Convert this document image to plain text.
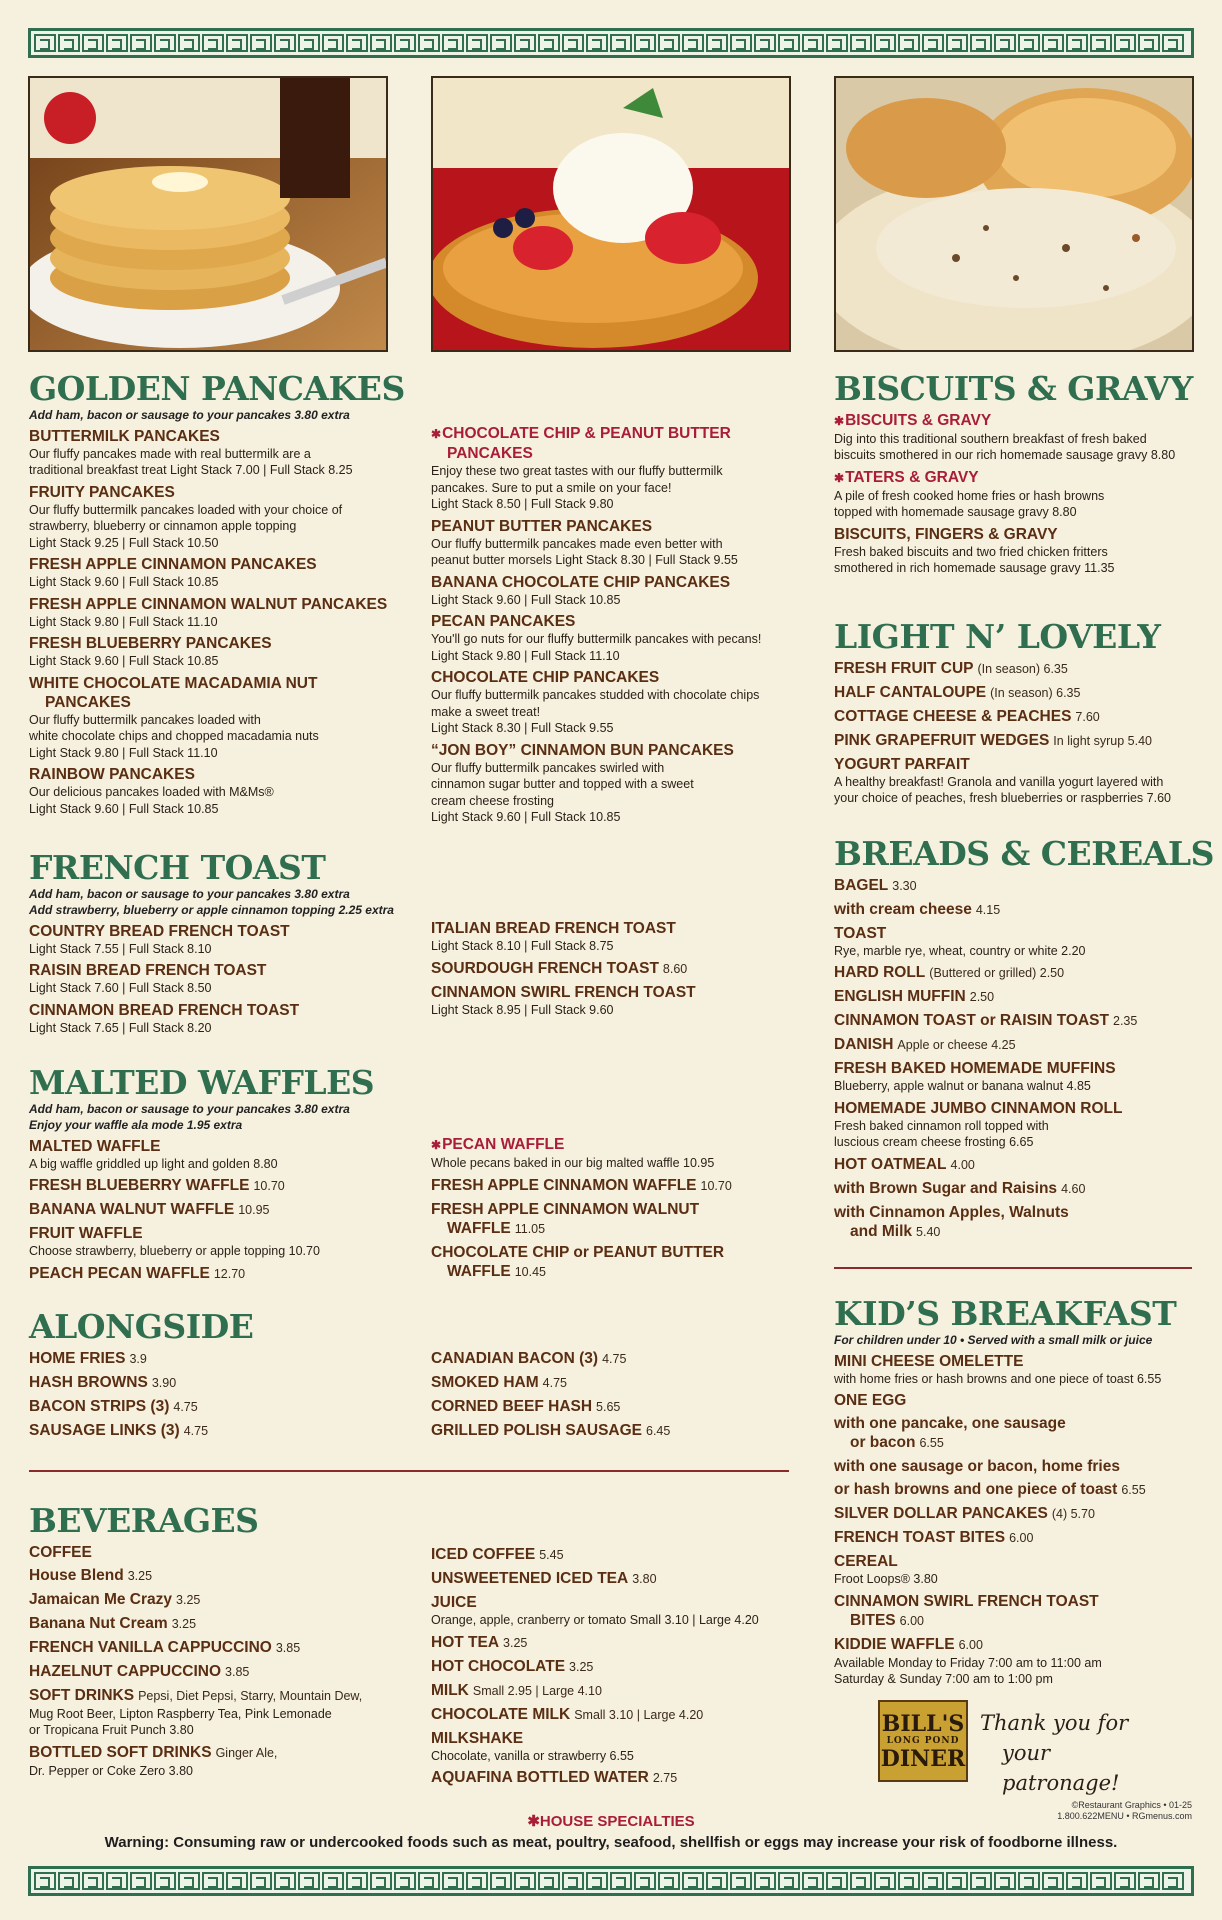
GOLDEN PANCAKES
Add ham, bacon or sausage to your pancakes 3.80 extra
BUTTERMILK PANCAKES
Our fluffy pancakes made with real buttermilk are a
traditional breakfast treat Light Stack 7.00 | Full Stack 8.25
FRUITY PANCAKES
Our fluffy buttermilk pancakes loaded with your choice of
strawberry, blueberry or cinnamon apple topping
Light Stack 9.25 | Full Stack 10.50
FRESH APPLE CINNAMON PANCAKES
Light Stack 9.60 | Full Stack 10.85
FRESH APPLE CINNAMON WALNUT PANCAKES
Light Stack 9.80 | Full Stack 11.10
FRESH BLUEBERRY PANCAKES
Light Stack 9.60 | Full Stack 10.85
WHITE CHOCOLATE MACADAMIA NUT
PANCAKES
Our fluffy buttermilk pancakes loaded with
white chocolate chips and chopped macadamia nuts
Light Stack 9.80 | Full Stack 11.10
RAINBOW PANCAKES
Our delicious pancakes loaded with M&Ms®
Light Stack 9.60 | Full Stack 10.85
FRENCH TOAST
Add ham, bacon or sausage to your pancakes 3.80 extra
Add strawberry, blueberry or apple cinnamon topping 2.25 extra
COUNTRY BREAD FRENCH TOAST
Light Stack 7.55 | Full Stack 8.10
RAISIN BREAD FRENCH TOAST
Light Stack 7.60 | Full Stack 8.50
CINNAMON BREAD FRENCH TOAST
Light Stack 7.65 | Full Stack 8.20
MALTED WAFFLES
Add ham, bacon or sausage to your pancakes 3.80 extra
Enjoy your waffle ala mode 1.95 extra
MALTED WAFFLE
A big waffle griddled up light and golden 8.80
FRESH BLUEBERRY WAFFLE 10.70
BANANA WALNUT WAFFLE 10.95
FRUIT WAFFLE
Choose strawberry, blueberry or apple topping 10.70
PEACH PECAN WAFFLE 12.70
ALONGSIDE
HOME FRIES 3.9
HASH BROWNS 3.90
BACON STRIPS (3) 4.75
SAUSAGE LINKS (3) 4.75
BEVERAGES
COFFEE
House Blend 3.25
Jamaican Me Crazy 3.25
Banana Nut Cream 3.25
FRENCH VANILLA CAPPUCCINO 3.85
HAZELNUT CAPPUCCINO 3.85
SOFT DRINKS Pepsi, Diet Pepsi, Starry, Mountain Dew,
Mug Root Beer, Lipton Raspberry Tea, Pink Lemonade
or Tropicana Fruit Punch 3.80
BOTTLED SOFT DRINKS Ginger Ale,
Dr. Pepper or Coke Zero 3.80
✱ CHOCOLATE CHIP & PEANUT BUTTER
PANCAKES
Enjoy these two great tastes with our fluffy buttermilk
pancakes. Sure to put a smile on your face!
Light Stack 8.50 | Full Stack 9.80
PEANUT BUTTER PANCAKES
Our fluffy buttermilk pancakes made even better with
peanut butter morsels Light Stack 8.30 | Full Stack 9.55
BANANA CHOCOLATE CHIP PANCAKES
Light Stack 9.60 | Full Stack 10.85
PECAN PANCAKES
You'll go nuts for our fluffy buttermilk pancakes with pecans!
Light Stack 9.80 | Full Stack 11.10
CHOCOLATE CHIP PANCAKES
Our fluffy buttermilk pancakes studded with chocolate chips
make a sweet treat!
Light Stack 8.30 | Full Stack 9.55
“JON BOY” CINNAMON BUN PANCAKES
Our fluffy buttermilk pancakes swirled with
cinnamon sugar butter and topped with a sweet
cream cheese frosting
Light Stack 9.60 | Full Stack 10.85
ITALIAN BREAD FRENCH TOAST
Light Stack 8.10 | Full Stack 8.75
SOURDOUGH FRENCH TOAST 8.60
CINNAMON SWIRL FRENCH TOAST
Light Stack 8.95 | Full Stack 9.60
✱ PECAN WAFFLE
Whole pecans baked in our big malted waffle 10.95
FRESH APPLE CINNAMON WAFFLE 10.70
FRESH APPLE CINNAMON WALNUT
WAFFLE 11.05
CHOCOLATE CHIP or PEANUT BUTTER
WAFFLE 10.45
CANADIAN BACON (3) 4.75
SMOKED HAM 4.75
CORNED BEEF HASH 5.65
GRILLED POLISH SAUSAGE 6.45
ICED COFFEE 5.45
UNSWEETENED ICED TEA 3.80
JUICE
Orange, apple, cranberry or tomato Small 3.10 | Large 4.20
HOT TEA 3.25
HOT CHOCOLATE 3.25
MILK Small 2.95 | Large 4.10
CHOCOLATE MILK Small 3.10 | Large 4.20
MILKSHAKE
Chocolate, vanilla or strawberry 6.55
AQUAFINA BOTTLED WATER 2.75
BISCUITS & GRAVY
✱ BISCUITS & GRAVY
Dig into this traditional southern breakfast of fresh baked
biscuits smothered in our rich homemade sausage gravy 8.80
✱ TATERS & GRAVY
A pile of fresh cooked home fries or hash browns
topped with homemade sausage gravy 8.80
BISCUITS, FINGERS & GRAVY
Fresh baked biscuits and two fried chicken fritters
smothered in rich homemade sausage gravy 11.35
LIGHT N’ LOVELY
FRESH FRUIT CUP (In season) 6.35
HALF CANTALOUPE (In season) 6.35
COTTAGE CHEESE & PEACHES 7.60
PINK GRAPEFRUIT WEDGES In light syrup 5.40
YOGURT PARFAIT
A healthy breakfast! Granola and vanilla yogurt layered with
your choice of peaches, fresh blueberries or raspberries 7.60
BREADS & CEREALS
BAGEL 3.30
with cream cheese 4.15
TOAST
Rye, marble rye, wheat, country or white 2.20
HARD ROLL (Buttered or grilled) 2.50
ENGLISH MUFFIN 2.50
CINNAMON TOAST or RAISIN TOAST 2.35
DANISH Apple or cheese 4.25
FRESH BAKED HOMEMADE MUFFINS
Blueberry, apple walnut or banana walnut 4.85
HOMEMADE JUMBO CINNAMON ROLL
Fresh baked cinnamon roll topped with
luscious cream cheese frosting 6.65
HOT OATMEAL 4.00
with Brown Sugar and Raisins 4.60
with Cinnamon Apples, Walnuts
and Milk 5.40
KID’S BREAKFAST
For children under 10 • Served with a small milk or juice
MINI CHEESE OMELETTE
with home fries or hash browns and one piece of toast 6.55
ONE EGG
with one pancake, one sausage
or bacon 6.55
with one sausage or bacon, home fries
or hash browns and one piece of toast 6.55
SILVER DOLLAR PANCAKES (4) 5.70
FRENCH TOAST BITES 6.00
CEREAL
Froot Loops® 3.80
CINNAMON SWIRL FRENCH TOAST
BITES 6.00
KIDDIE WAFFLE 6.00
Available Monday to Friday 7:00 am to 11:00 am
Saturday & Sunday 7:00 am to 1:00 pm
BILL'S
LONG POND
DINER
Thank you for
your patronage!
©Restaurant Graphics • 01-25
1.800.622MENU • RGmenus.com
✱ HOUSE SPECIALTIES
Warning: Consuming raw or undercooked foods such as meat, poultry, seafood, shellfish or eggs may increase your risk of foodborne illness.
